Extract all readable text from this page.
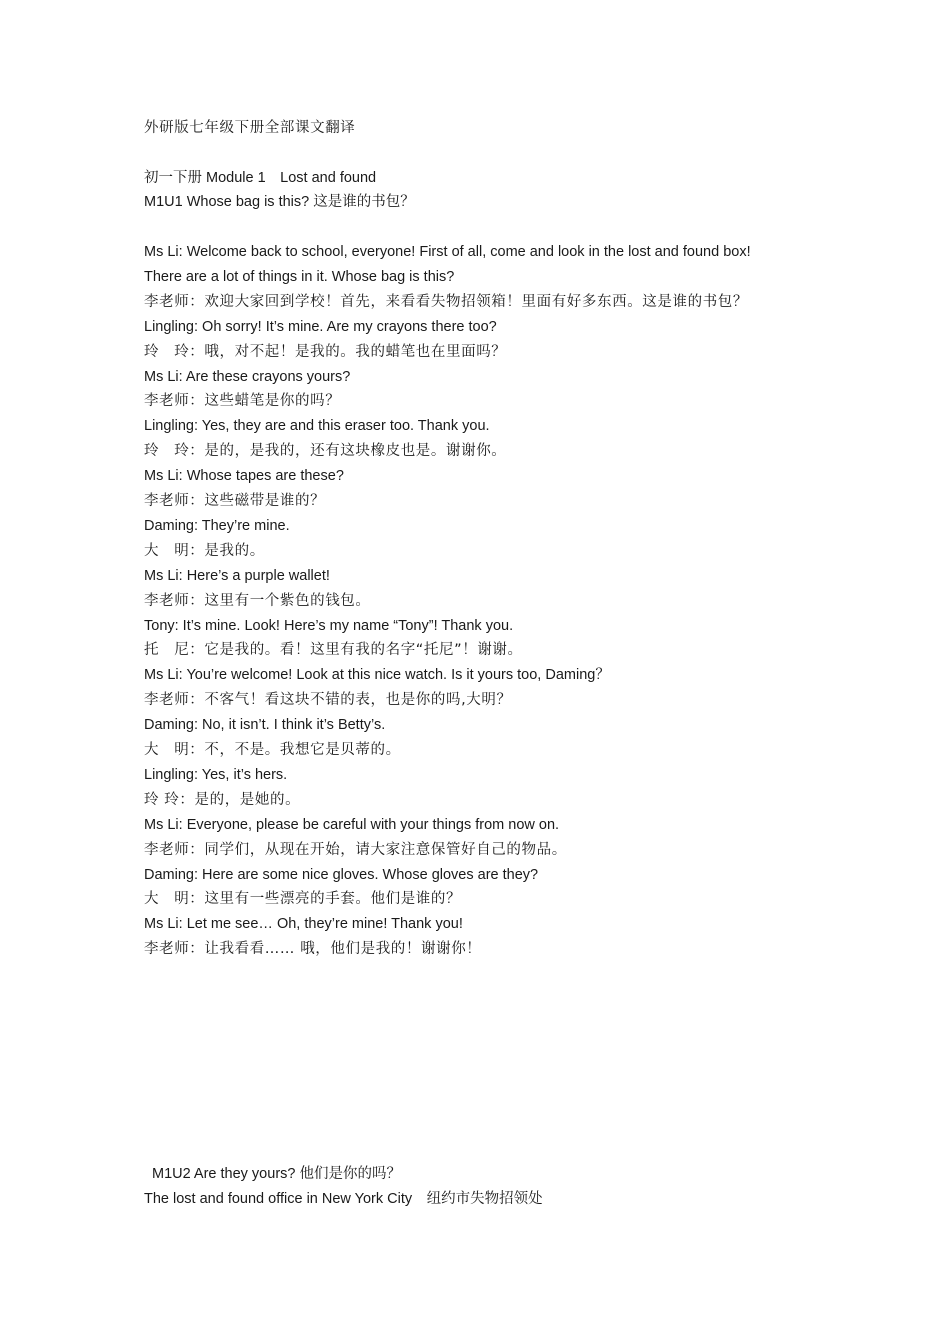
外研版七年级下册全部课文翻译
初一下册 Module 1　Lost and found
M1U1 Whose bag is this? 这是谁的书包？
Ms Li: Welcome back to school, everyone! First of all, come and look in the lost and found box!
There are a lot of things in it. Whose bag is this?
李老师：欢迎大家回到学校！首先，来看看失物招领箱！里面有好多东西。这是谁的书包？
Lingling: Oh sorry! It’s mine. Are my crayons there too?
玲　玲：哦，对不起！是我的。我的蜡笔也在里面吗？
Ms Li: Are these crayons yours?
李老师：这些蜡笔是你的吗？
Lingling: Yes, they are and this eraser too. Thank you.
玲　玲：是的，是我的，还有这块橡皮也是。谢谢你。
Ms Li: Whose tapes are these?
李老师：这些磁带是谁的？
Daming: They’re mine.
大　明：是我的。
Ms Li: Here’s a purple wallet!
李老师：这里有一个紫色的钱包。
Tony: It’s mine. Look! Here’s my name “Tony”! Thank you.
托　尼：它是我的。看！这里有我的名字“托尼”！谢谢。
Ms Li: You’re welcome! Look at this nice watch. Is it yours too, Daming？
李老师：不客气！看这块不错的表，也是你的吗,大明？
Daming: No, it isn’t. I think it’s Betty’s.
大　明：不，不是。我想它是贝蒂的。
Lingling: Yes, it’s hers.
玲 玲：是的，是她的。
Ms Li: Everyone, please be careful with your things from now on.
李老师：同学们，从现在开始，请大家注意保管好自己的物品。
Daming: Here are some nice gloves. Whose gloves are they?
大　明：这里有一些漂亮的手套。他们是谁的？
Ms Li: Let me see… Oh, they’re mine! Thank you!
李老师：让我看看…… 哦，他们是我的！谢谢你！
M1U2 Are they yours? 他们是你的吗？
The lost and found office in New York City　纽约市失物招领处
